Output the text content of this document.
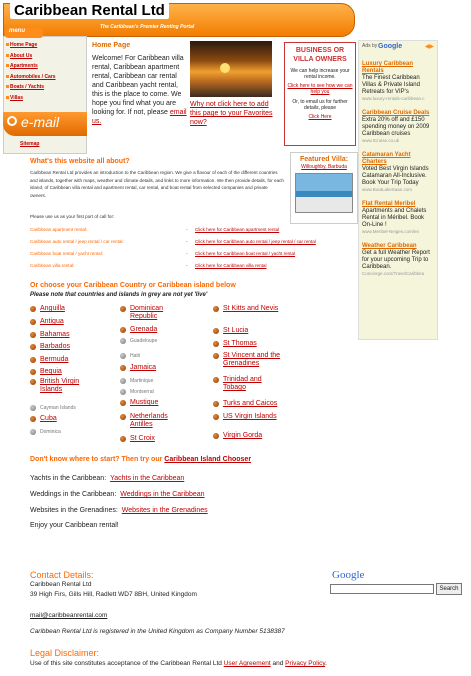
Caribbean Rental Ltd
The Caribbean's Premier Renting Portal
Home Page
About Us
Apartments
Automobiles / Cars
Boats / Yachts
Villas
menu
e-mail
Sitemap
Home Page
Welcome! For Caribbean villa rental, Caribbean apartment rental, Caribbean car rental and Caribbean yacht rental, this is the place to come. We hope you find what you are looking for. If not, please email us.
Why not click here to add this page to your Favorites now?
BUSINESS OR VILLA OWNERS
We can help increase your rental income.
Click here to see how we can help you
Or, to email us for further details, please
Click Here
Featured Villa:
Willoughby, Barbuda
Ads by Google	◀▶
Luxury Caribbean Rentals
The Finest Caribbean Villas & Private Island Retreats for VIP's
www.luxury-rentals-caribbean.c
Caribbean Cruise Deals
Extra 20% off and £150 spending money on 2009 Caribbean cruises
www.ICruise.co.uk
Catamaran Yacht Charters
Voted Best Virgin Islands Catamaran All-Inclusive. Book Your Trip Today
www.BoatLakeSaan.com
Flat Rental Meribel
Apartments and Chalets Rental in Méribel. Book On-Line !
www.Meribel-Neiges.com/en
Weather Caribbean
Get a full Weather Report for your upcoming Trip to Caribbean.
Concierge.com/TravelCaribbea
What's this website all about?
Caribbean Rental Ltd provides an introduction to the Caribbean region. We give a flavour of each of the different countries and islands, together with maps, weather and climate details, and links to more information. We then provide details, for each island, of Caribbean villa rental and apartment rental, car rental, and boat rental from selected companies and private owners.
Please use us as your first port of call for:
Caribbean apartment rental:	- Click here for Caribbean apartment rental
Caribbean auto rental / jeep rental / car rental:	- Click here for Caribbean auto rental / jeep rental / car rental
Caribbean boat rental / yacht rental:	- Click here for Caribbean boat rental / yacht rental
Caribbean villa rental:	- Click here for Caribbean villa rental
Or choose your Caribbean Country or Caribbean island below
Please note that countries and islands in grey are not yet 'live'
Anguilla
Antigua
Bahamas
Barbados
Bermuda
Bequia
British Virgin Islands
Cayman Islands
Cuba
Dominica
Dominican Republic
Grenada
Guadeloupe
Haiti
Jamaica
Martinique
Montserrat
Mustique
Netherlands Antilles
St Croix
St Kitts and Nevis
St Lucia
St Thomas
St Vincent and the Grenadines
Trinidad and Tobago
Turks and Caicos
US Virgin Islands
Virgin Gorda
Don't know where to start? Then try our Caribbean Island Chooser
Yachts in the Caribbean: Yachts in the Caribbean
Weddings in the Caribbean: Weddings in the Caribbean
Websites in the Grenadines: Websites in the Grenadines
Enjoy your Caribbean rental!
Contact Details:
Caribbean Rental Ltd
39 High Firs, Gills Hill, Radlett WD7 8BH, United Kingdom
mail@caribbeanrental.com
Caribbean Rental Ltd is registered in the United Kingdom as Company Number 5138387
Legal Disclaimer:
Use of this site constitutes acceptance of the Caribbean Rental Ltd User Agreement and Privacy Policy.
Google
Search
